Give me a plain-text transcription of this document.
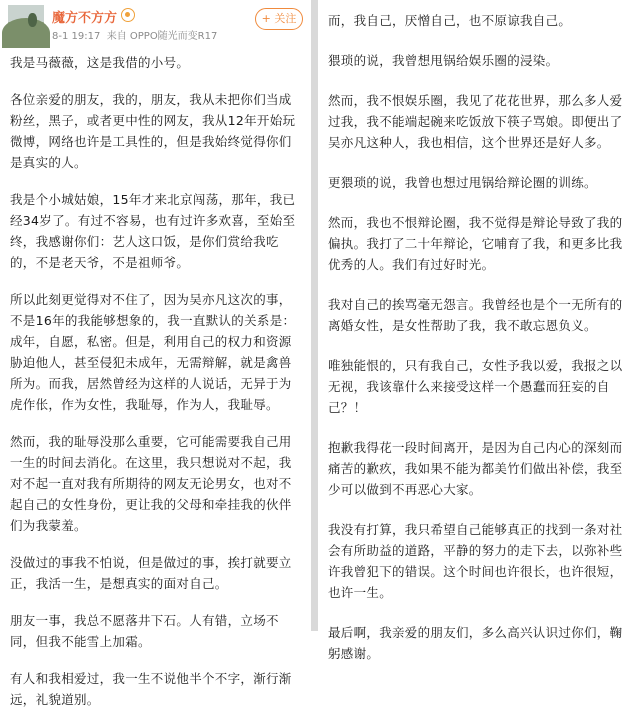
魔方不方方
8-1 19:17 来自 OPPO随光而变R17
+ 关注

我是马薇薇，这是我借的小号。

各位亲爱的朋友，我的，朋友，我从未把你们当成粉丝，黑子，或者更中性的网友，我从12年开始玩微博，网络也许是工具性的，但是我始终觉得你们是真实的人。

我是个小城姑娘，15年才来北京闯荡，那年，我已经34岁了。有过不容易，也有过许多欢喜，至始至终，我感谢你们：艺人这口饭，是你们赏给我吃的，不是老天爷，不是祖师爷。

所以此刻更觉得对不住了，因为吴亦凡这次的事，不是16年的我能够想象的，我一直默认的关系是：成年，自愿，私密。但是，利用自己的权力和资源胁迫他人，甚至侵犯未成年，无需辩解，就是禽兽所为。而我，居然曾经为这样的人说话，无异于为虎作伥，作为女性，我耻辱，作为人，我耻辱。

然而，我的耻辱没那么重要，它可能需要我自己用一生的时间去消化。在这里，我只想说对不起，我对不起一直对我有所期待的网友无论男女，也对不起自己的女性身份，更让我的父母和牵挂我的伙伴们为我蒙羞。

没做过的事我不怕说，但是做过的事，挨打就要立正，我活一生，是想真实的面对自己。

朋友一事，我总不愿落井下石。人有错，立场不同，但我不能雪上加霜。

有人和我相爱过，我一生不说他半个不字，渐行渐远，礼貌道别。

而，我自己，厌憎自己，也不原谅我自己。

猥琐的说，我曾想甩锅给娱乐圈的浸染。

然而，我不恨娱乐圈，我见了花花世界，那么多人爱过我，我不能端起碗来吃饭放下筷子骂娘。即便出了吴亦凡这种人，我也相信，这个世界还是好人多。

更猥琐的说，我曾也想过甩锅给辩论圈的训练。

然而，我也不恨辩论圈，我不觉得是辩论导致了我的偏执。我打了二十年辩论，它哺育了我，和更多比我优秀的人。我们有过好时光。

我对自己的挨骂毫无怨言。我曾经也是个一无所有的离婚女性，是女性帮助了我，我不敢忘恩负义。

唯独能恨的，只有我自己，女性予我以爱，我报之以无视，我该靠什么来接受这样一个愚蠢而狂妄的自己？！

抱歉我得花一段时间离开，是因为自己内心的深刻而痛苦的歉疚，我如果不能为都美竹们做出补偿，我至少可以做到不再恶心大家。

我没有打算，我只希望自己能够真正的找到一条对社会有所助益的道路，平静的努力的走下去，以弥补些许我曾犯下的错误。这个时间也许很长，也许很短，也许一生。

最后啊，我亲爱的朋友们，多么高兴认识过你们，鞠躬感谢。
